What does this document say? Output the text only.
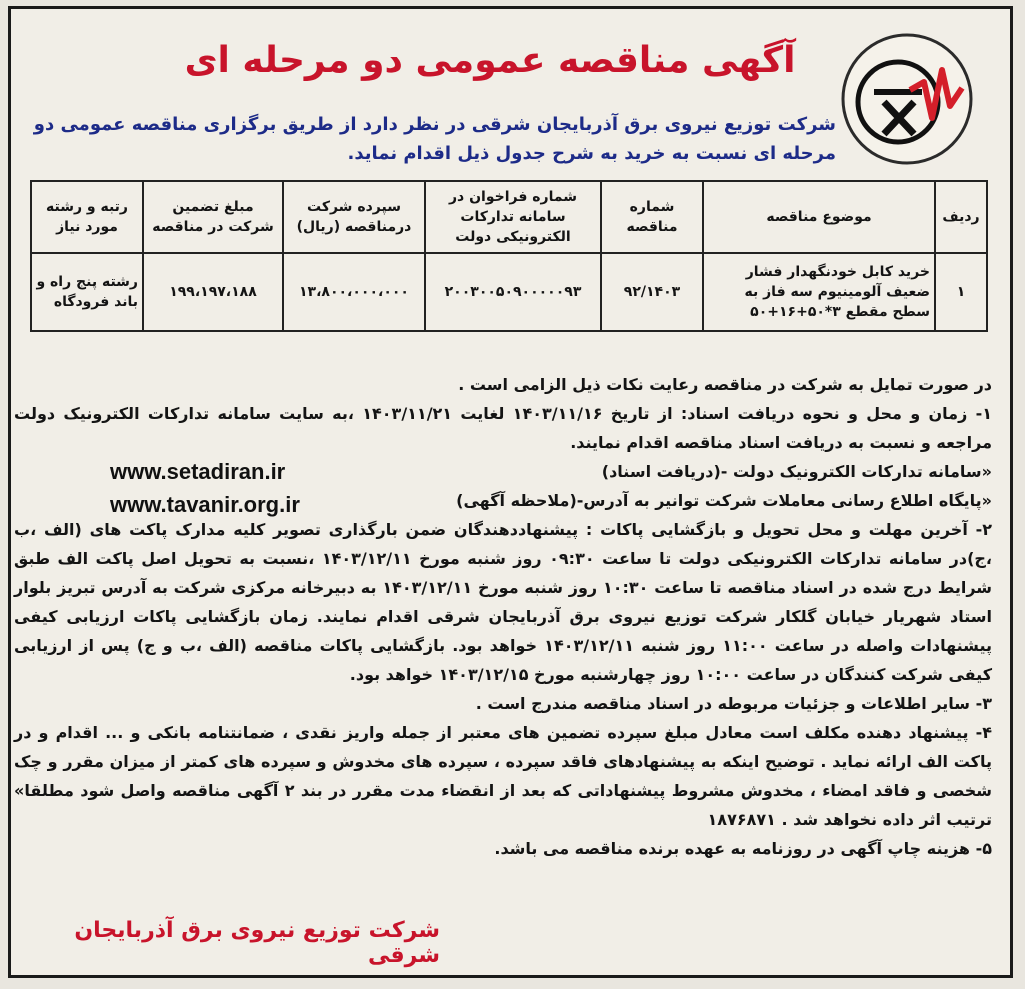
آگهی مناقصه عمومی دو مرحله ای
شرکت توزیع نیروی برق آذربایجان شرقی در نظر دارد از طریق برگزاری مناقصه عمومی دو مرحله ای نسبت به خرید به شرح جدول ذیل اقدام نماید.
ردیف	موضوع مناقصه	شماره مناقصه	شماره فراخوان در سامانه تدارکات الکترونیکی دولت	سپرده شرکت درمناقصه (ریال)	مبلغ تضمین شرکت در مناقصه	رتبه و رشته مورد نیاز
۱	خرید کابل خودنگهدار فشار ضعیف آلومینیوم سه فاز به سطح مقطع ۳*۵۰+۱۶+۵۰	۹۲/۱۴۰۳	۲۰۰۳۰۰۵۰۹۰۰۰۰۰۹۳	۱۳،۸۰۰،۰۰۰،۰۰۰	۱۹۹،۱۹۷،۱۸۸	رشته پنج راه و باند فرودگاه

در صورت تمایل به شرکت در مناقصه رعایت نکات ذیل الزامی است .

۱- زمان و محل و نحوه دریافت اسناد: از تاریخ ۱۴۰۳/۱۱/۱۶ لغایت ۱۴۰۳/۱۱/۲۱ ،به سایت سامانه تدارکات الکترونیک دولت مراجعه و نسبت به دریافت اسناد مناقصه اقدام نمایند.

«سامانه تدارکات الکترونیک دولت -(دریافت اسناد)

«پایگاه اطلاع رسانی معاملات شرکت توانیر به آدرس-(ملاحظه آگهی)

۲- آخرین مهلت و محل تحویل و بازگشایی پاکات : پیشنهاددهندگان ضمن بارگذاری تصویر کلیه مدارک پاکت های (الف ،ب ،ج)در سامانه تدارکات الکترونیکی دولت تا ساعت ۰۹:۳۰ روز شنبه مورخ ۱۴۰۳/۱۲/۱۱ ،نسبت به تحویل اصل پاکت الف طبق شرایط درج شده در اسناد مناقصه تا ساعت ۱۰:۳۰ روز شنبه مورخ ۱۴۰۳/۱۲/۱۱ به دبیرخانه مرکزی شرکت به آدرس تبریز بلوار استاد شهریار خیابان گلکار شرکت توزیع نیروی برق آذربایجان شرقی اقدام نمایند. زمان بازگشایی پاکات ارزیابی کیفی پیشنهادات واصله در ساعت ۱۱:۰۰ روز شنبه ۱۴۰۳/۱۲/۱۱ خواهد بود. بازگشایی پاکات مناقصه (الف ،ب و ج) پس از ارزیابی کیفی شرکت کنندگان در ساعت ۱۰:۰۰ روز چهارشنبه مورخ ۱۴۰۳/۱۲/۱۵ خواهد بود.

۳- سایر اطلاعات و جزئیات مربوطه در اسناد مناقصه مندرج است .

۴- پیشنهاد دهنده مکلف است معادل مبلغ سپرده تضمین های معتبر از جمله واریز نقدی ، ضمانتنامه بانکی و ... اقدام و در پاکت الف ارائه نماید . توضیح اینکه به پیشنهادهای فاقد سپرده ، سپرده های مخدوش و سپرده های کمتر از میزان مقرر و چک شخصی و فاقد امضاء ، مخدوش مشروط پیشنهاداتی که بعد از انقضاء مدت مقرر در بند ۲ آگهی مناقصه واصل شود مطلقا» ترتیب اثر داده نخواهد شد . ۱۸۷۶۸۷۱

۵- هزینه چاپ آگهی در روزنامه به عهده برنده مناقصه می باشد.

www.setadiran.ir
www.tavanir.org.ir
شرکت توزیع نیروی برق آذربایجان شرقی
